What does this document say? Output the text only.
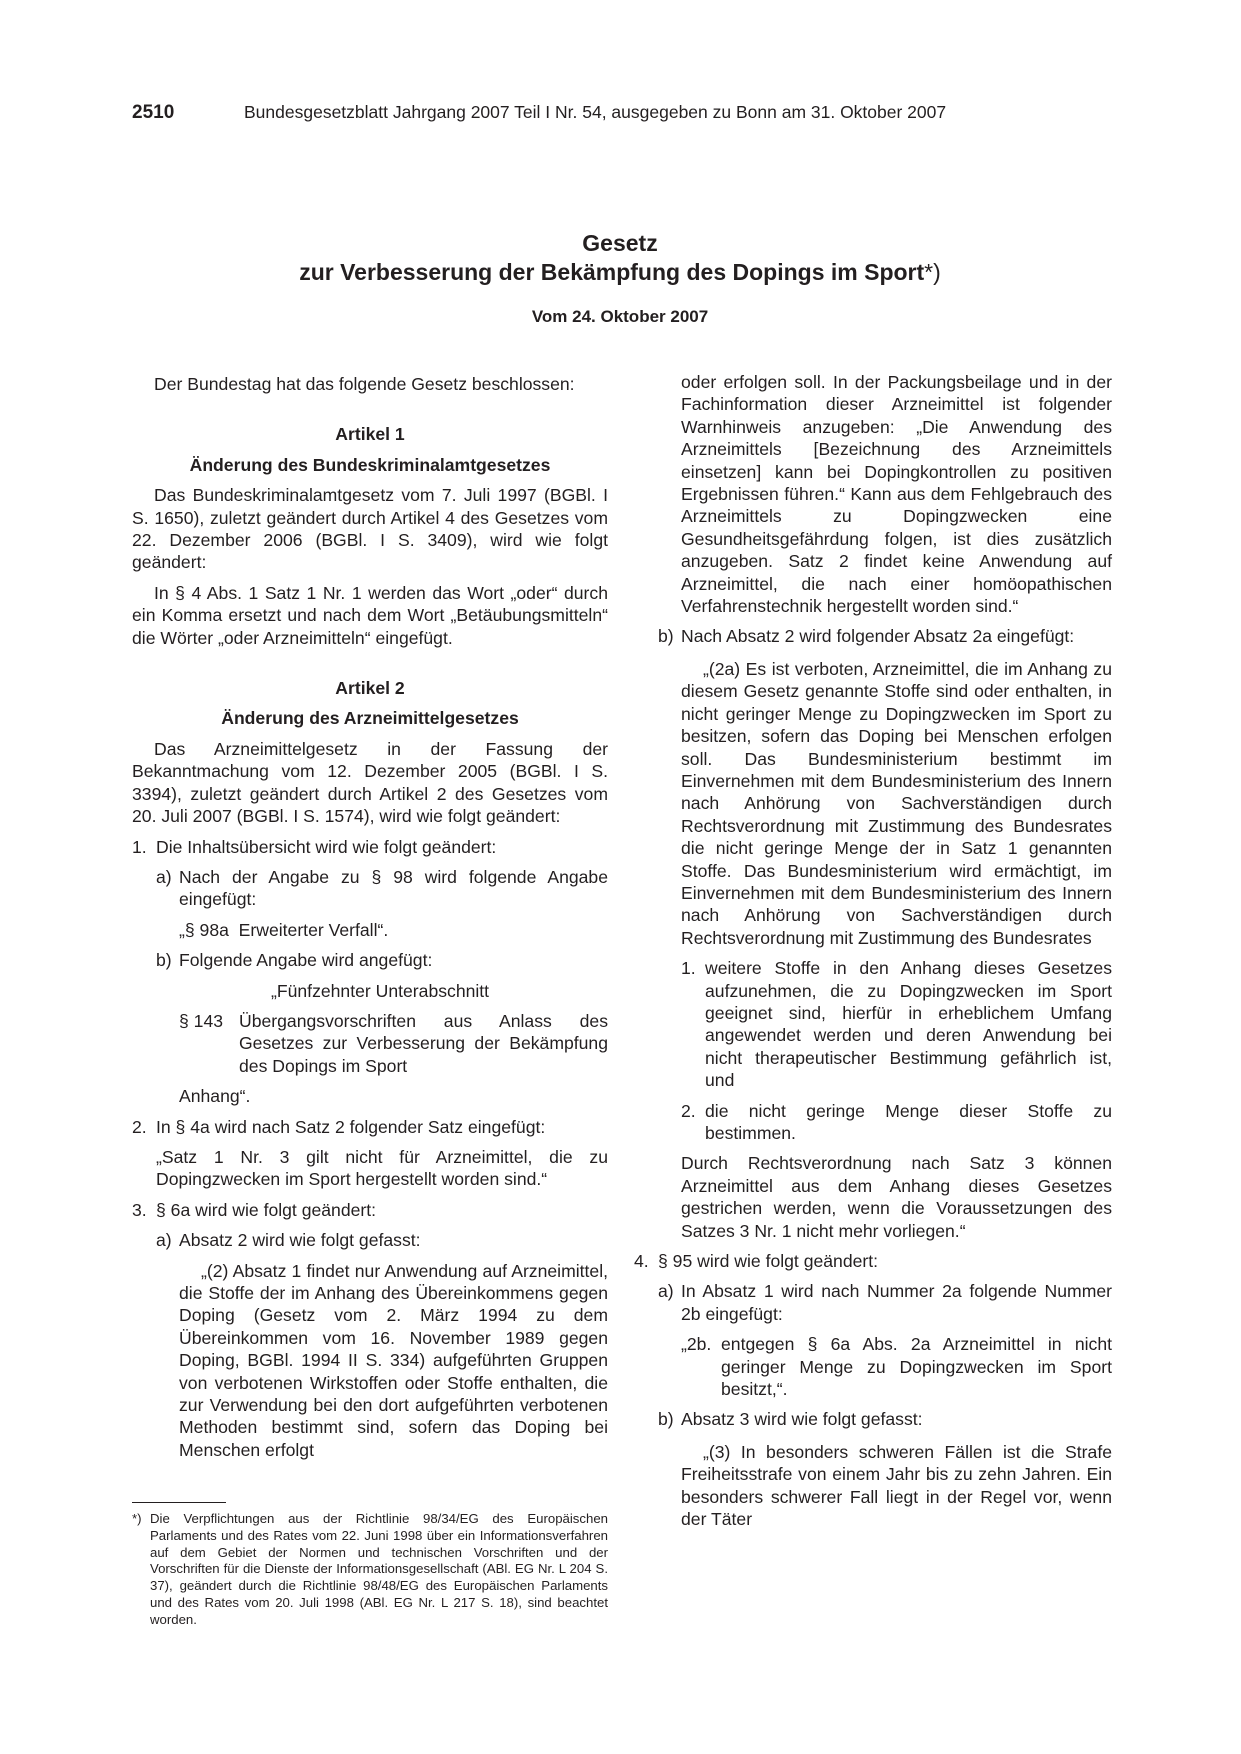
2510	Bundesgesetzblatt Jahrgang 2007 Teil I Nr. 54, ausgegeben zu Bonn am 31. Oktober 2007
Gesetz
zur Verbesserung der Bekämpfung des Dopings im Sport*)
Vom 24. Oktober 2007

Der Bundestag hat das folgende Gesetz beschlossen:

Artikel 1
Änderung des Bundeskriminalamtgesetzes

Das Bundeskriminalamtgesetz vom 7. Juli 1997 (BGBl. I S. 1650), zuletzt geändert durch Artikel 4 des Gesetzes vom 22. Dezember 2006 (BGBl. I S. 3409), wird wie folgt geändert:

In § 4 Abs. 1 Satz 1 Nr. 1 werden das Wort „oder“ durch ein Komma ersetzt und nach dem Wort „Betäubungsmitteln“ die Wörter „oder Arzneimitteln“ eingefügt.

Artikel 2
Änderung des Arzneimittelgesetzes

Das Arzneimittelgesetz in der Fassung der Bekanntmachung vom 12. Dezember 2005 (BGBl. I S. 3394), zuletzt geändert durch Artikel 2 des Gesetzes vom 20. Juli 2007 (BGBl. I S. 1574), wird wie folgt geändert:

1. Die Inhaltsübersicht wird wie folgt geändert:
a) Nach der Angabe zu § 98 wird folgende Angabe eingefügt:

„§ 98a  Erweiterter Verfall“.

b) Folgende Angabe wird angefügt:
„Fünfzehnter Unterabschnitt
§ 143 Übergangsvorschriften aus Anlass des Gesetzes zur Verbesserung der Bekämpfung des Dopings im Sport
Anhang“.
2. In § 4a wird nach Satz 2 folgender Satz eingefügt:

„Satz 1 Nr. 3 gilt nicht für Arzneimittel, die zu Dopingzwecken im Sport hergestellt worden sind.“

3. § 6a wird wie folgt geändert:
a) Absatz 2 wird wie folgt gefasst:

„(2) Absatz 1 findet nur Anwendung auf Arzneimittel, die Stoffe der im Anhang des Übereinkommens gegen Doping (Gesetz vom 2. März 1994 zu dem Übereinkommen vom 16. November 1989 gegen Doping, BGBl. 1994 II S. 334) aufgeführten Gruppen von verbotenen Wirkstoffen oder Stoffe enthalten, die zur Verwendung bei den dort aufgeführten verbotenen Methoden bestimmt sind, sofern das Doping bei Menschen erfolgt

oder erfolgen soll. In der Packungsbeilage und in der Fachinformation dieser Arzneimittel ist folgender Warnhinweis anzugeben: „Die Anwendung des Arzneimittels [Bezeichnung des Arzneimittels einsetzen] kann bei Dopingkontrollen zu positiven Ergebnissen führen.“ Kann aus dem Fehlgebrauch des Arzneimittels zu Dopingzwecken eine Gesundheitsgefährdung folgen, ist dies zusätzlich anzugeben. Satz 2 findet keine Anwendung auf Arzneimittel, die nach einer homöopathischen Verfahrenstechnik hergestellt worden sind.“

b) Nach Absatz 2 wird folgender Absatz 2a eingefügt:

„(2a) Es ist verboten, Arzneimittel, die im Anhang zu diesem Gesetz genannte Stoffe sind oder enthalten, in nicht geringer Menge zu Dopingzwecken im Sport zu besitzen, sofern das Doping bei Menschen erfolgen soll. Das Bundesministerium bestimmt im Einvernehmen mit dem Bundesministerium des Innern nach Anhörung von Sachverständigen durch Rechtsverordnung mit Zustimmung des Bundesrates die nicht geringe Menge der in Satz 1 genannten Stoffe. Das Bundesministerium wird ermächtigt, im Einvernehmen mit dem Bundesministerium des Innern nach Anhörung von Sachverständigen durch Rechtsverordnung mit Zustimmung des Bundesrates

1. weitere Stoffe in den Anhang dieses Gesetzes aufzunehmen, die zu Dopingzwecken im Sport geeignet sind, hierfür in erheblichem Umfang angewendet werden und deren Anwendung bei nicht therapeutischer Bestimmung gefährlich ist, und
2. die nicht geringe Menge dieser Stoffe zu bestimmen.

Durch Rechtsverordnung nach Satz 3 können Arzneimittel aus dem Anhang dieses Gesetzes gestrichen werden, wenn die Voraussetzungen des Satzes 3 Nr. 1 nicht mehr vorliegen.“

4. § 95 wird wie folgt geändert:
a) In Absatz 1 wird nach Nummer 2a folgende Nummer 2b eingefügt:
„2b. entgegen § 6a Abs. 2a Arzneimittel in nicht geringer Menge zu Dopingzwecken im Sport besitzt,“.
b) Absatz 3 wird wie folgt gefasst:

„(3) In besonders schweren Fällen ist die Strafe Freiheitsstrafe von einem Jahr bis zu zehn Jahren. Ein besonders schwerer Fall liegt in der Regel vor, wenn der Täter

*) Die Verpflichtungen aus der Richtlinie 98/34/EG des Europäischen Parlaments und des Rates vom 22. Juni 1998 über ein Informationsverfahren auf dem Gebiet der Normen und technischen Vorschriften und der Vorschriften für die Dienste der Informationsgesellschaft (ABl. EG Nr. L 204 S. 37), geändert durch die Richtlinie 98/48/EG des Europäischen Parlaments und des Rates vom 20. Juli 1998 (ABl. EG Nr. L 217 S. 18), sind beachtet worden.
